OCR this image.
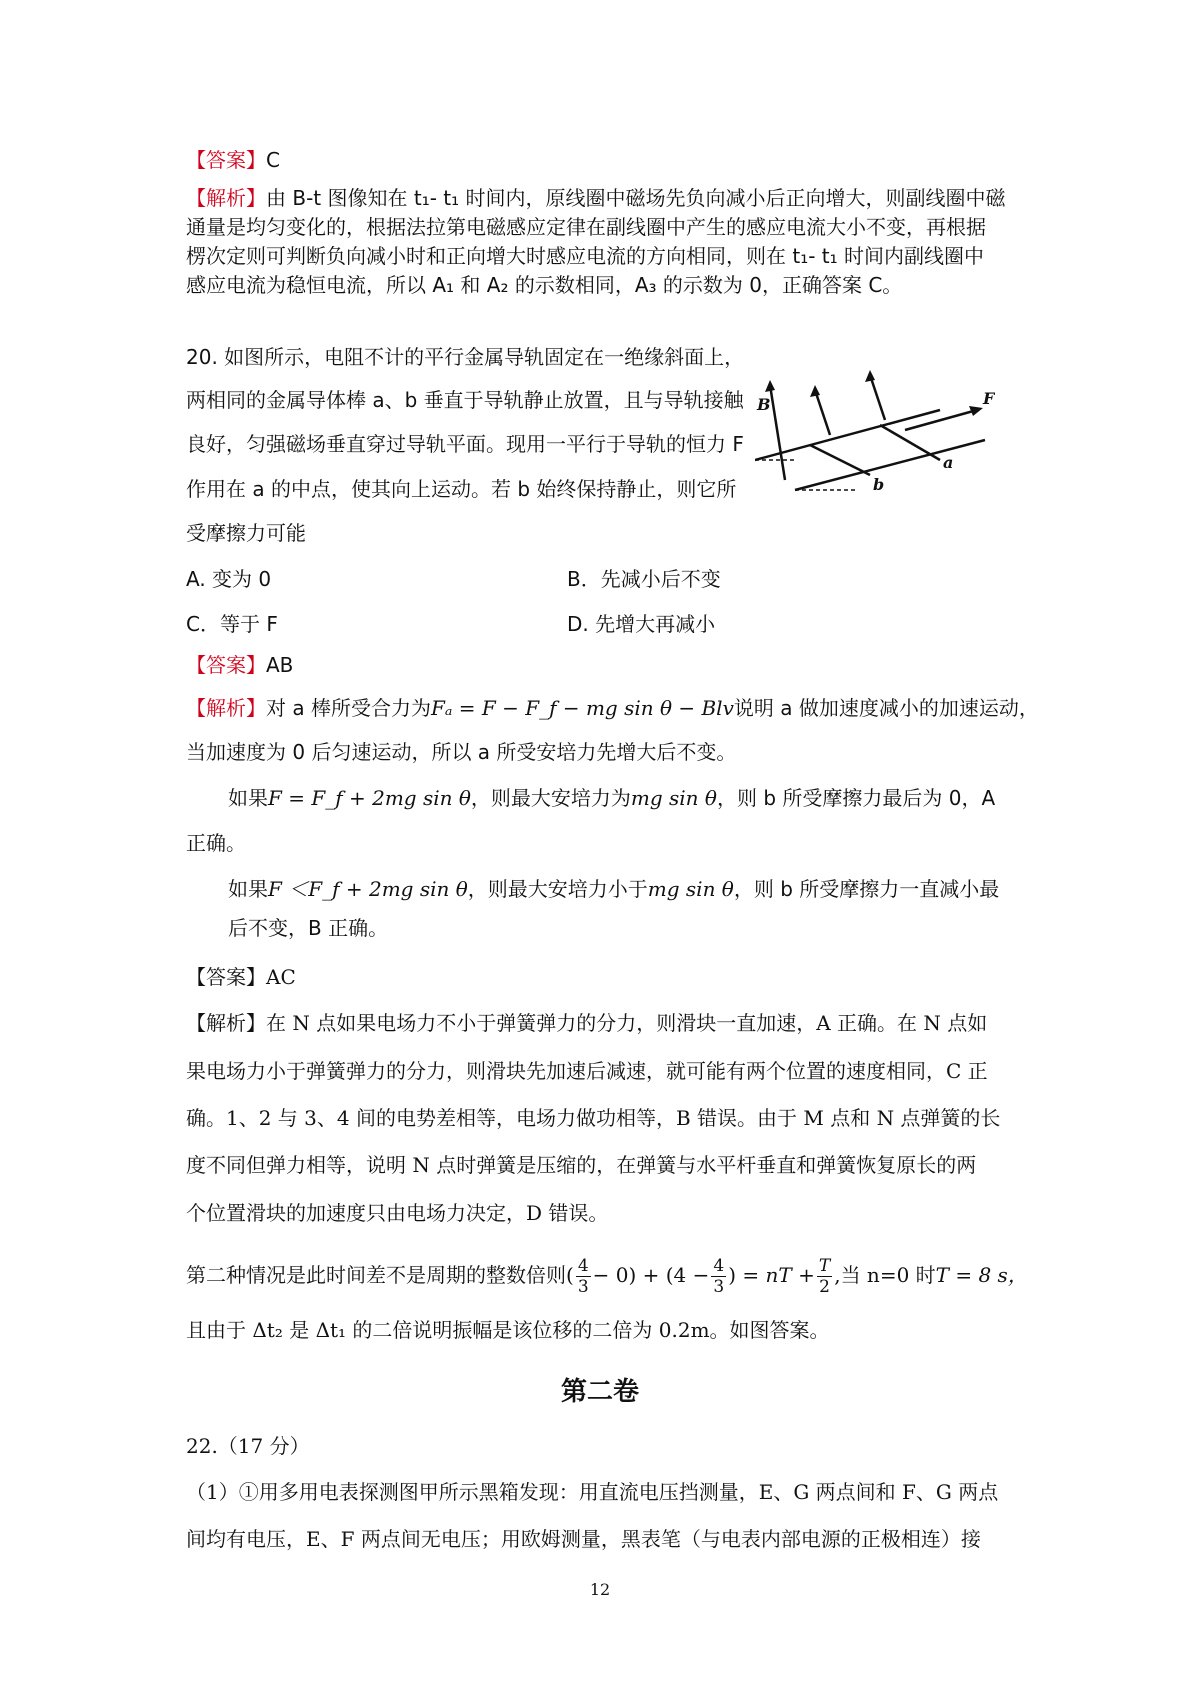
【答案】C
【解析】由 B-t 图像知在 t₁- t₁ 时间内，原线圈中磁场先负向减小后正向增大，则副线圈中磁
通量是均匀变化的，根据法拉第电磁感应定律在副线圈中产生的感应电流大小不变，再根据
楞次定则可判断负向减小时和正向增大时感应电流的方向相同，则在 t₁- t₁ 时间内副线圈中
感应电流为稳恒电流，所以 A₁ 和 A₂ 的示数相同，A₃ 的示数为 0，正确答案 C。
20. 如图所示，电阻不计的平行金属导轨固定在一绝缘斜面上，
两相同的金属导体棒 a、b 垂直于导轨静止放置，且与导轨接触
良好，匀强磁场垂直穿过导轨平面。现用一平行于导轨的恒力 F
作用在 a 的中点，使其向上运动。若 b 始终保持静止，则它所
受摩擦力可能
A. 变为 0	B．先减小后不变
C．等于 F	D. 先增大再减小
B	F
a
b
【答案】AB
【解析】对 a 棒所受合力为Fₐ = F − F_f − mg sin θ − Blv说明 a 做加速度减小的加速运动，
当加速度为 0 后匀速运动，所以 a 所受安培力先增大后不变。
如果F = F_f + 2mg sin θ，则最大安培力为mg sin θ，则 b 所受摩擦力最后为 0，A
正确。
如果F ＜F_f + 2mg sin θ，则最大安培力小于mg sin θ，则 b 所受摩擦力一直减小最
后不变，B 正确。
【答案】AC
【解析】在 N 点如果电场力不小于弹簧弹力的分力，则滑块一直加速，A 正确。在 N 点如
果电场力小于弹簧弹力的分力，则滑块先加速后减速，就可能有两个位置的速度相同，C 正
确。1、2 与 3、4 间的电势差相等，电场力做功相等，B 错误。由于 M 点和 N 点弹簧的长
度不同但弹力相等，说明 N 点时弹簧是压缩的，在弹簧与水平杆垂直和弹簧恢复原长的两
个位置滑块的加速度只由电场力决定，D 错误。
第二种情况是此时间差不是周期的整数倍则( $\frac{4}{3} - 0) + (4 - \frac{4}{3}$ ) = nT + $\frac{T}{2}$ ,当 n=0 时T = 8 s，
且由于 Δt₂ 是 Δt₁ 的二倍说明振幅是该位移的二倍为 0.2m。如图答案。
第二卷
22.（17 分）
（1）①用多用电表探测图甲所示黑箱发现：用直流电压挡测量，E、G 两点间和 F、G 两点
间均有电压，E、F 两点间无电压；用欧姆测量，黑表笔（与电表内部电源的正极相连）接
12
